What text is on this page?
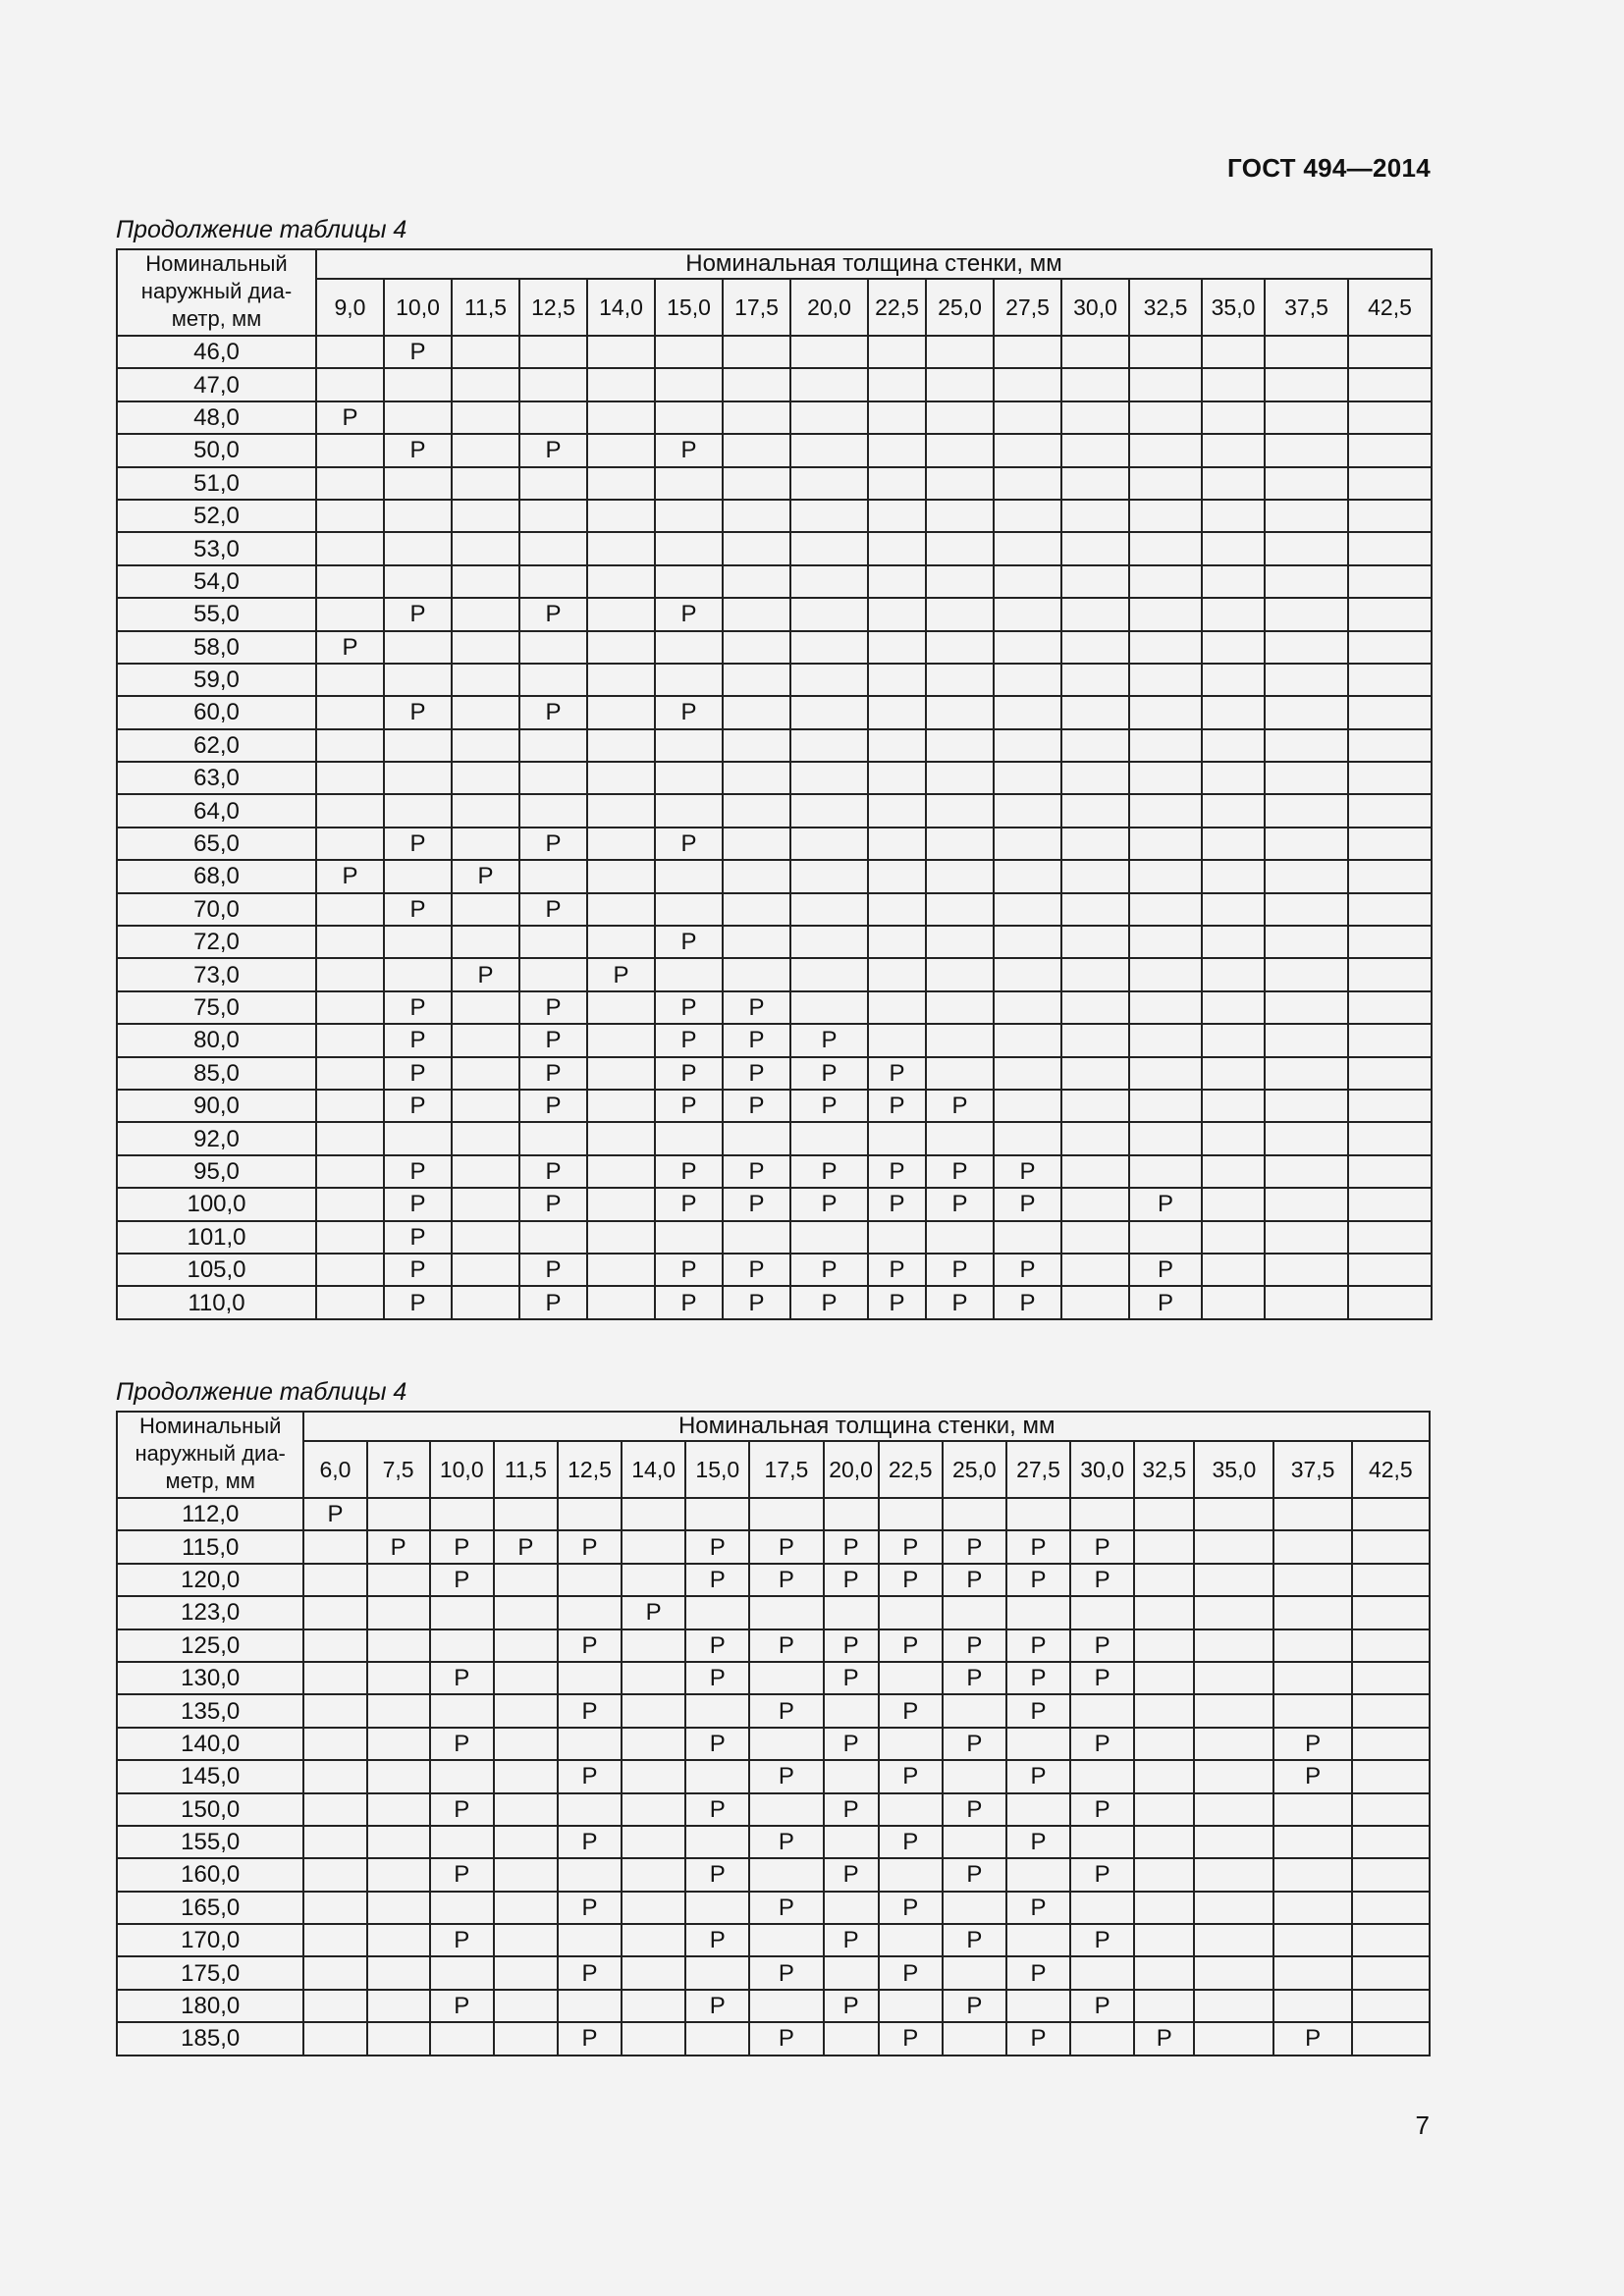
ГОСТ 494—2014
Продолжение таблицы 4
Номинальный наружный диа-метр, мм	Номинальная толщина стенки, мм															
	9,0	10,0	11,5	12,5	14,0	15,0	17,5	20,0	22,5	25,0	27,5	30,0	32,5	35,0	37,5	42,5
46,0		Р														
47,0																
48,0	Р															
50,0		Р		Р		Р										
51,0																
52,0																
53,0																
54,0																
55,0		Р		Р		Р										
58,0	Р															
59,0																
60,0		Р		Р		Р										
62,0																
63,0																
64,0																
65,0		Р		Р		Р										
68,0	Р		Р													
70,0		Р		Р												
72,0						Р										
73,0			Р		Р											
75,0		Р		Р		Р	Р									
80,0		Р		Р		Р	Р	Р								
85,0		Р		Р		Р	Р	Р	Р							
90,0		Р		Р		Р	Р	Р	Р	Р						
92,0																
95,0		Р		Р		Р	Р	Р	Р	Р	Р					
100,0		Р		Р		Р	Р	Р	Р	Р	Р		Р			
101,0		Р														
105,0		Р		Р		Р	Р	Р	Р	Р	Р		Р			
110,0		Р		Р		Р	Р	Р	Р	Р	Р		Р			
Продолжение таблицы 4
Номинальный наружный диа-метр, мм	Номинальная толщина стенки, мм																
	6,0	7,5	10,0	11,5	12,5	14,0	15,0	17,5	20,0	22,5	25,0	27,5	30,0	32,5	35,0	37,5	42,5
112,0	Р																
115,0		Р	Р	Р	Р		Р	Р	Р	Р	Р	Р	Р				
120,0			Р				Р	Р	Р	Р	Р	Р	Р				
123,0						Р											
125,0					Р		Р	Р	Р	Р	Р	Р	Р				
130,0			Р				Р		Р		Р	Р	Р				
135,0					Р			Р		Р		Р					
140,0			Р				Р		Р		Р		Р			Р	
145,0					Р			Р		Р		Р				Р	
150,0			Р				Р		Р		Р		Р				
155,0					Р			Р		Р		Р					
160,0			Р				Р		Р		Р		Р				
165,0					Р			Р		Р		Р					
170,0			Р				Р		Р		Р		Р				
175,0					Р			Р		Р		Р					
180,0			Р				Р		Р		Р		Р				
185,0					Р			Р		Р		Р		Р		Р	
7
